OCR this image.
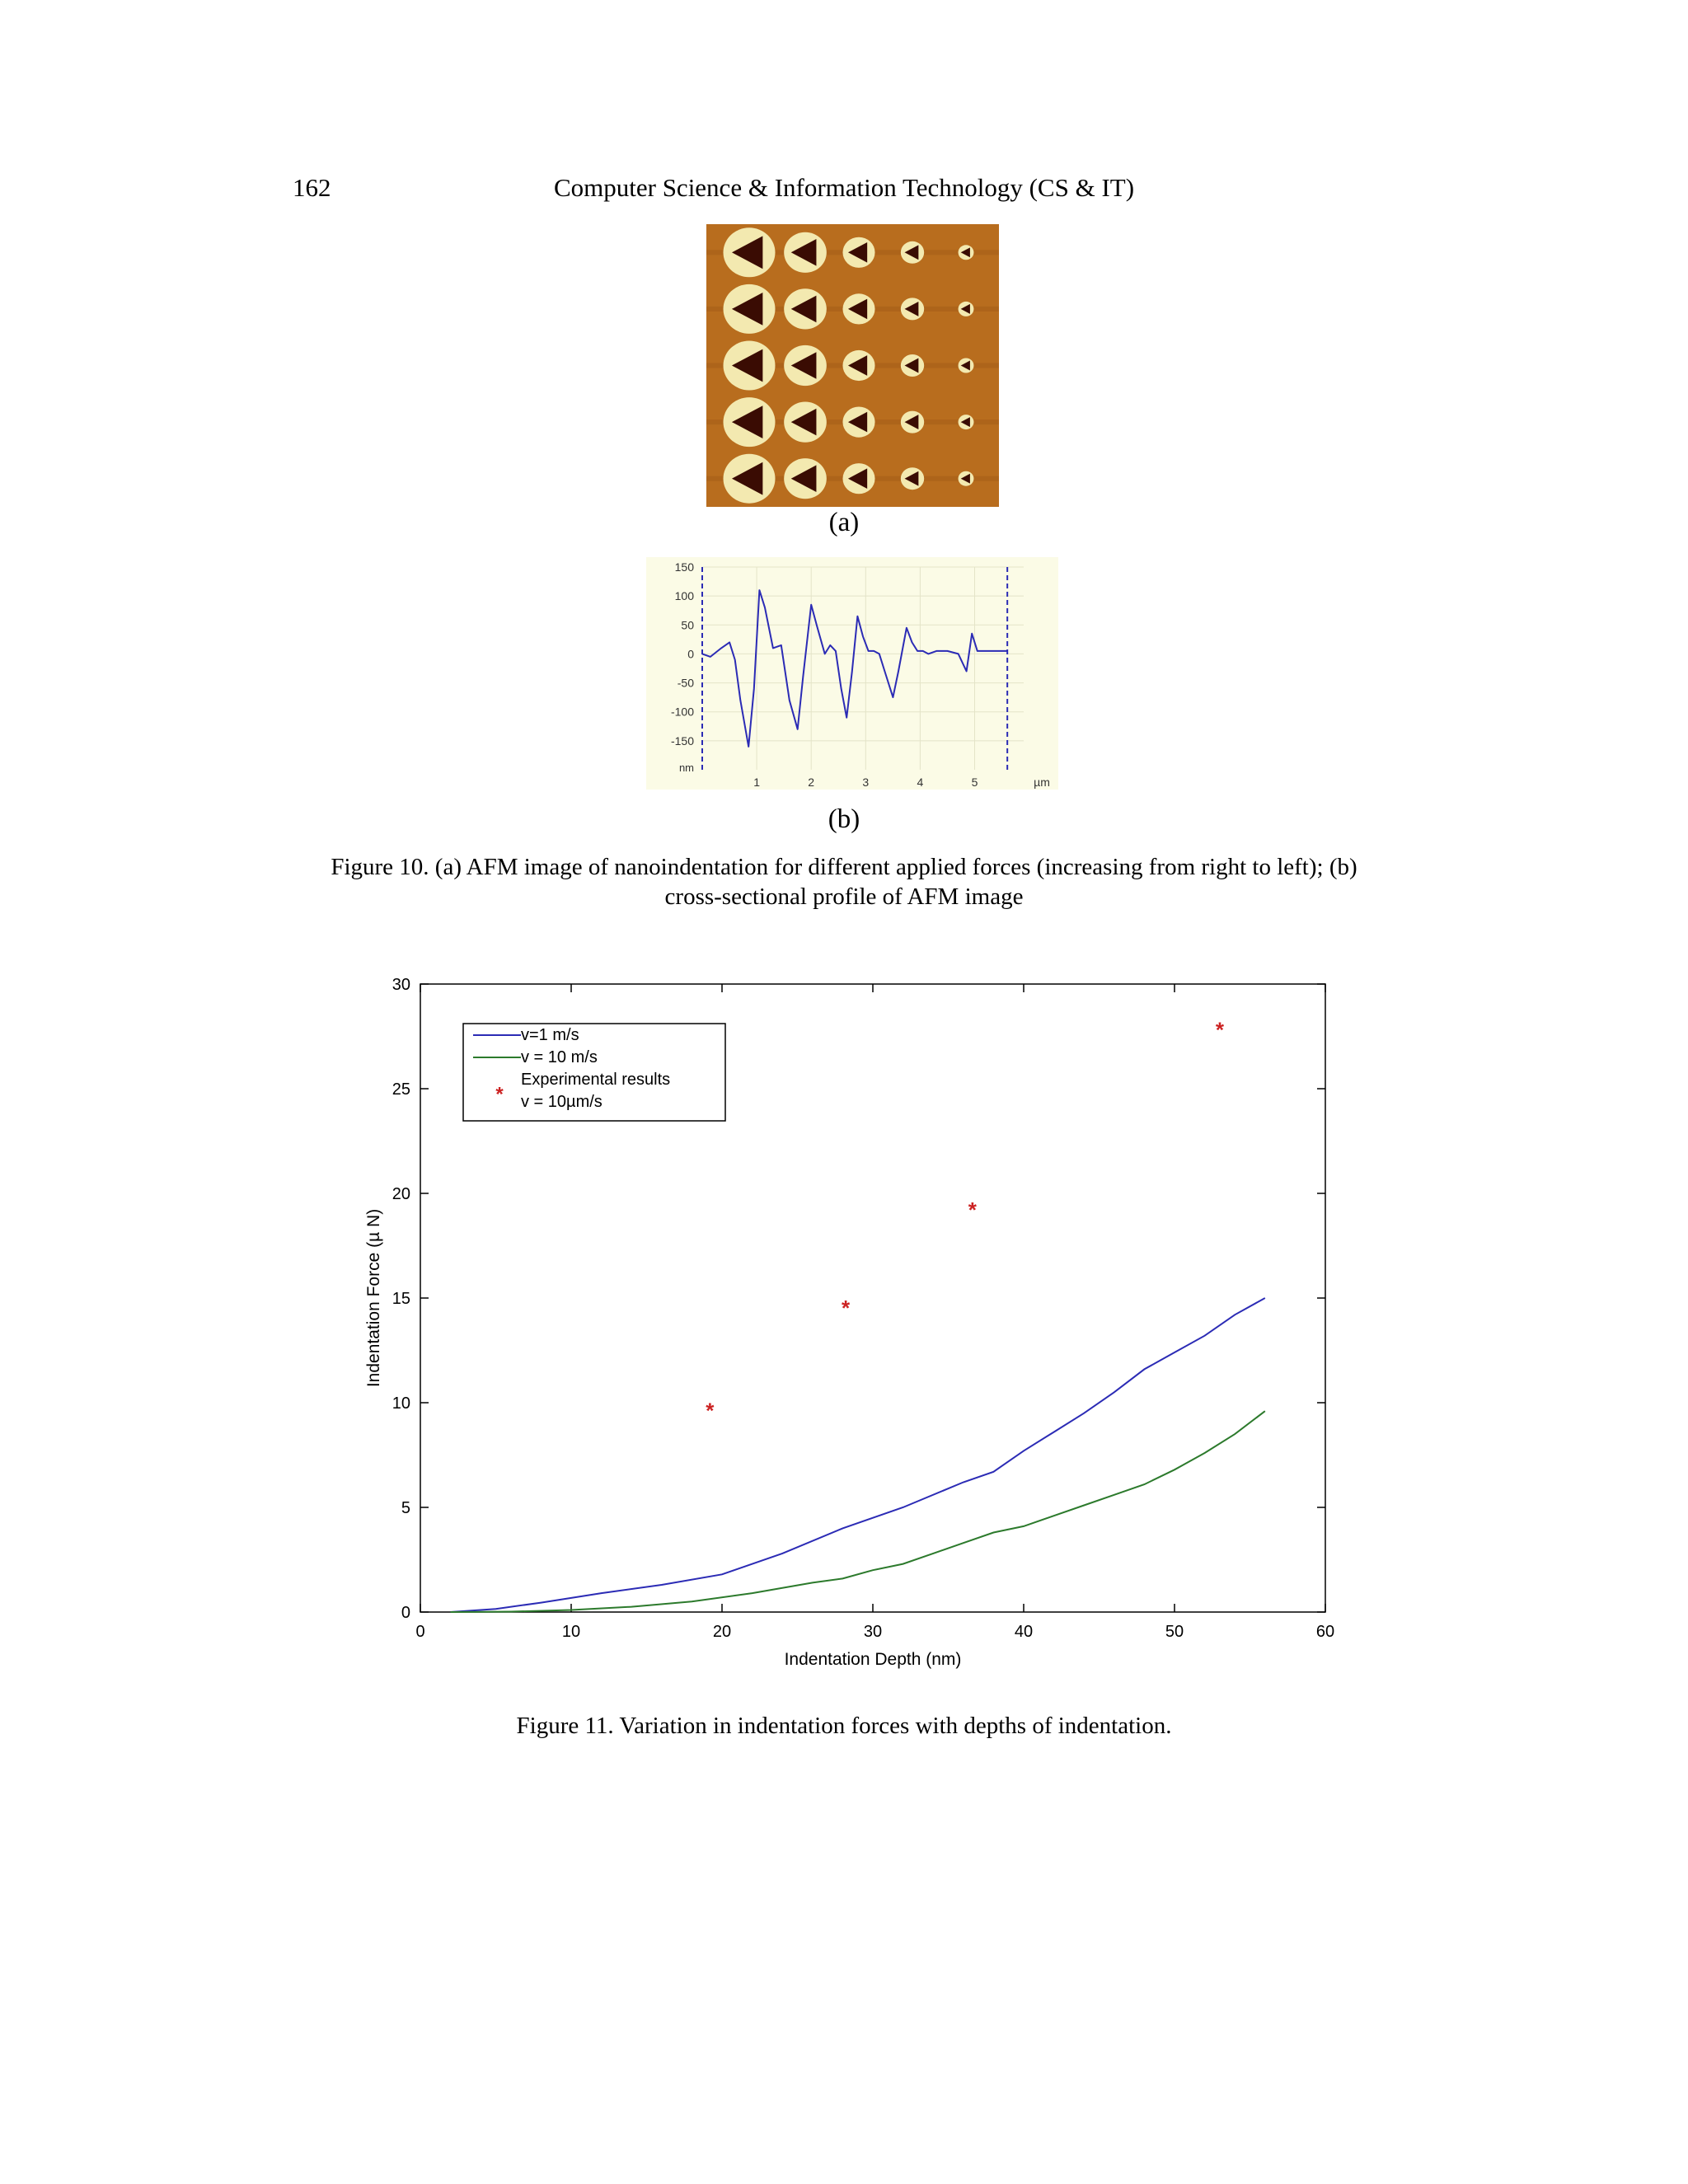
162	Computer Science & Information Technology (CS & IT)
(a)
150
100
50
0
-50
-100
-150
nm
1	2	3	4	5	µm
(b)
Figure 10. (a) AFM image of nanoindentation for different applied forces (increasing from right to left); (b)
cross-sectional profile of AFM image
0	10	20	30	40	50	60
0
5
10
15
20
25
30
Indentation Depth (nm)
Indentation Force (µ N)
*
*
*
*
v=1 m/s
v = 10 m/s
*
Experimental results
v = 10µm/s
Figure 11. Variation in indentation forces with depths of indentation.
